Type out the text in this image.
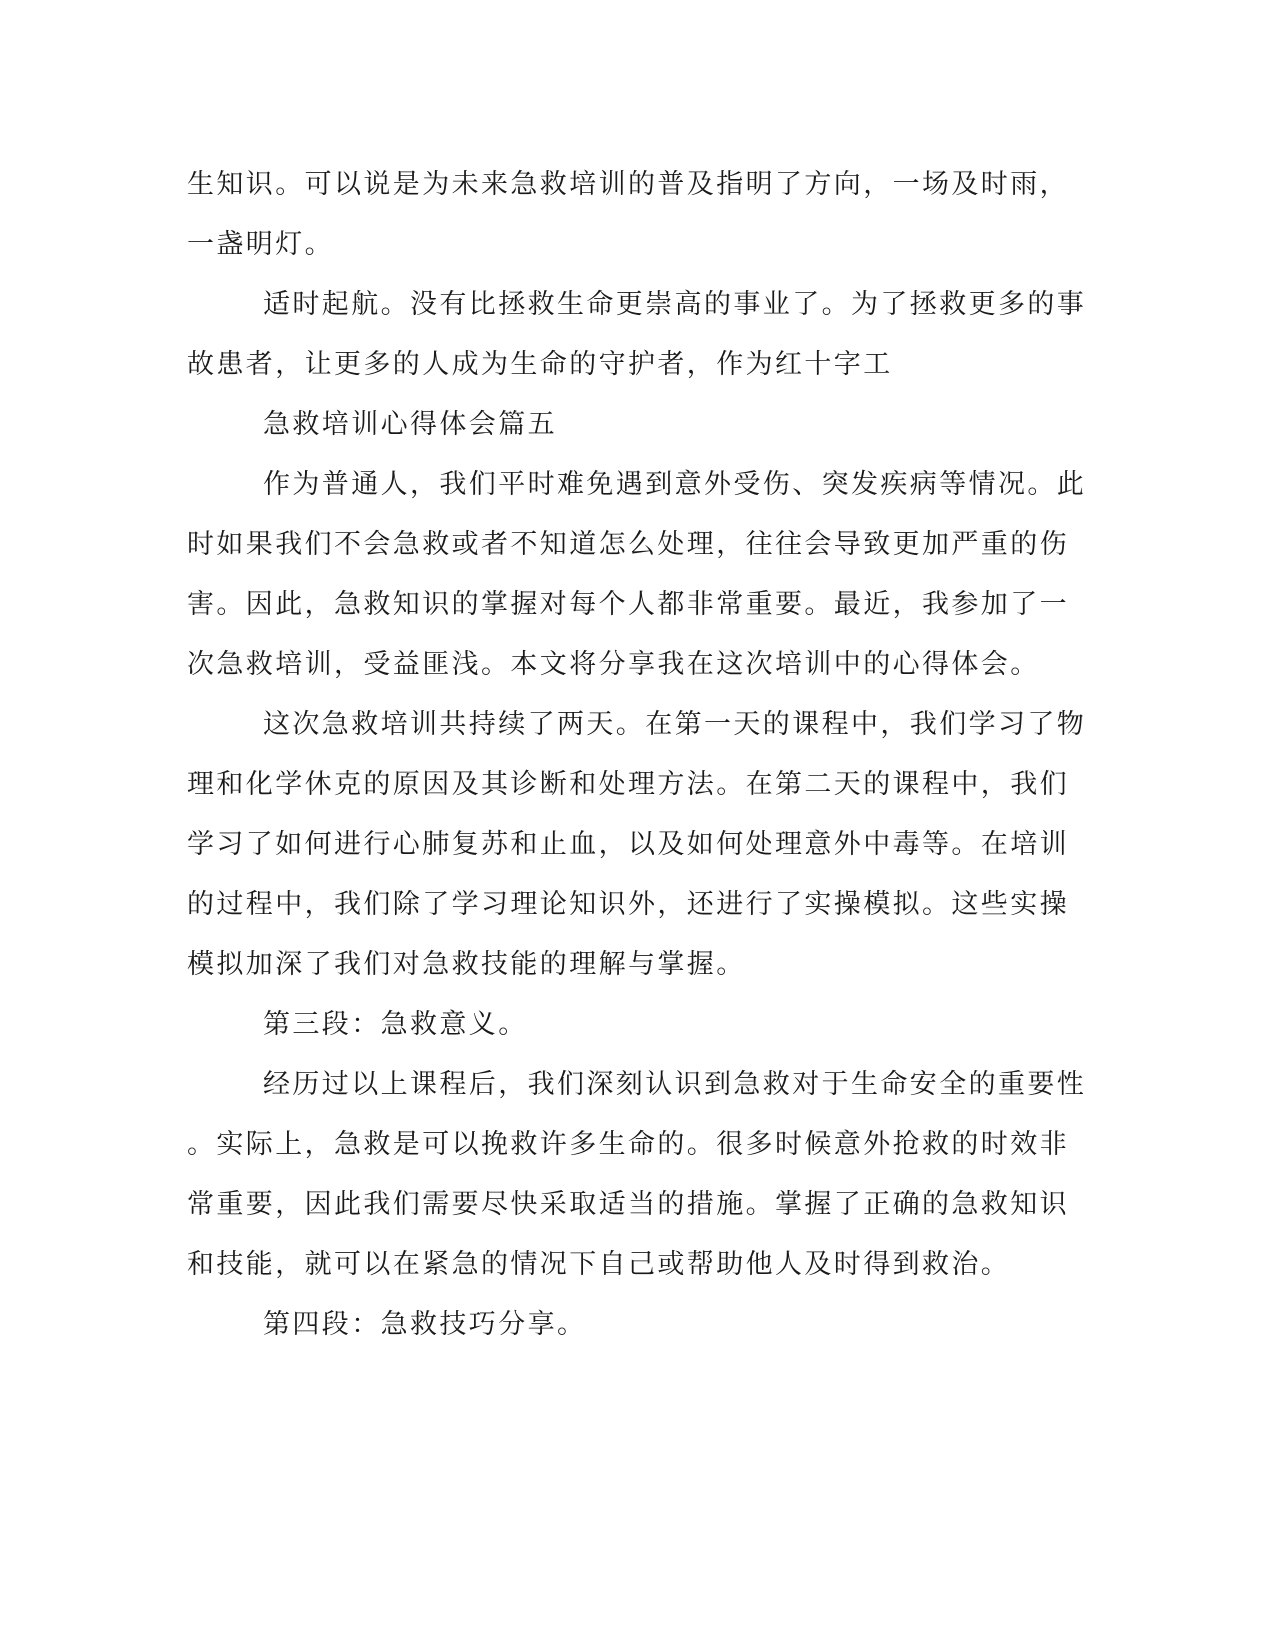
生知识。可以说是为未来急救培训的普及指明了方向，一场及时雨，

一盏明灯。

适时起航。没有比拯救生命更崇高的事业了。为了拯救更多的事

故患者，让更多的人成为生命的守护者，作为红十字工

急救培训心得体会篇五

作为普通人，我们平时难免遇到意外受伤、突发疾病等情况。此

时如果我们不会急救或者不知道怎么处理，往往会导致更加严重的伤

害。因此，急救知识的掌握对每个人都非常重要。最近，我参加了一

次急救培训，受益匪浅。本文将分享我在这次培训中的心得体会。

这次急救培训共持续了两天。在第一天的课程中，我们学习了物

理和化学休克的原因及其诊断和处理方法。在第二天的课程中，我们

学习了如何进行心肺复苏和止血，以及如何处理意外中毒等。在培训

的过程中，我们除了学习理论知识外，还进行了实操模拟。这些实操

模拟加深了我们对急救技能的理解与掌握。

第三段：急救意义。

经历过以上课程后，我们深刻认识到急救对于生命安全的重要性

。实际上，急救是可以挽救许多生命的。很多时候意外抢救的时效非

常重要，因此我们需要尽快采取适当的措施。掌握了正确的急救知识

和技能，就可以在紧急的情况下自己或帮助他人及时得到救治。

第四段：急救技巧分享。
